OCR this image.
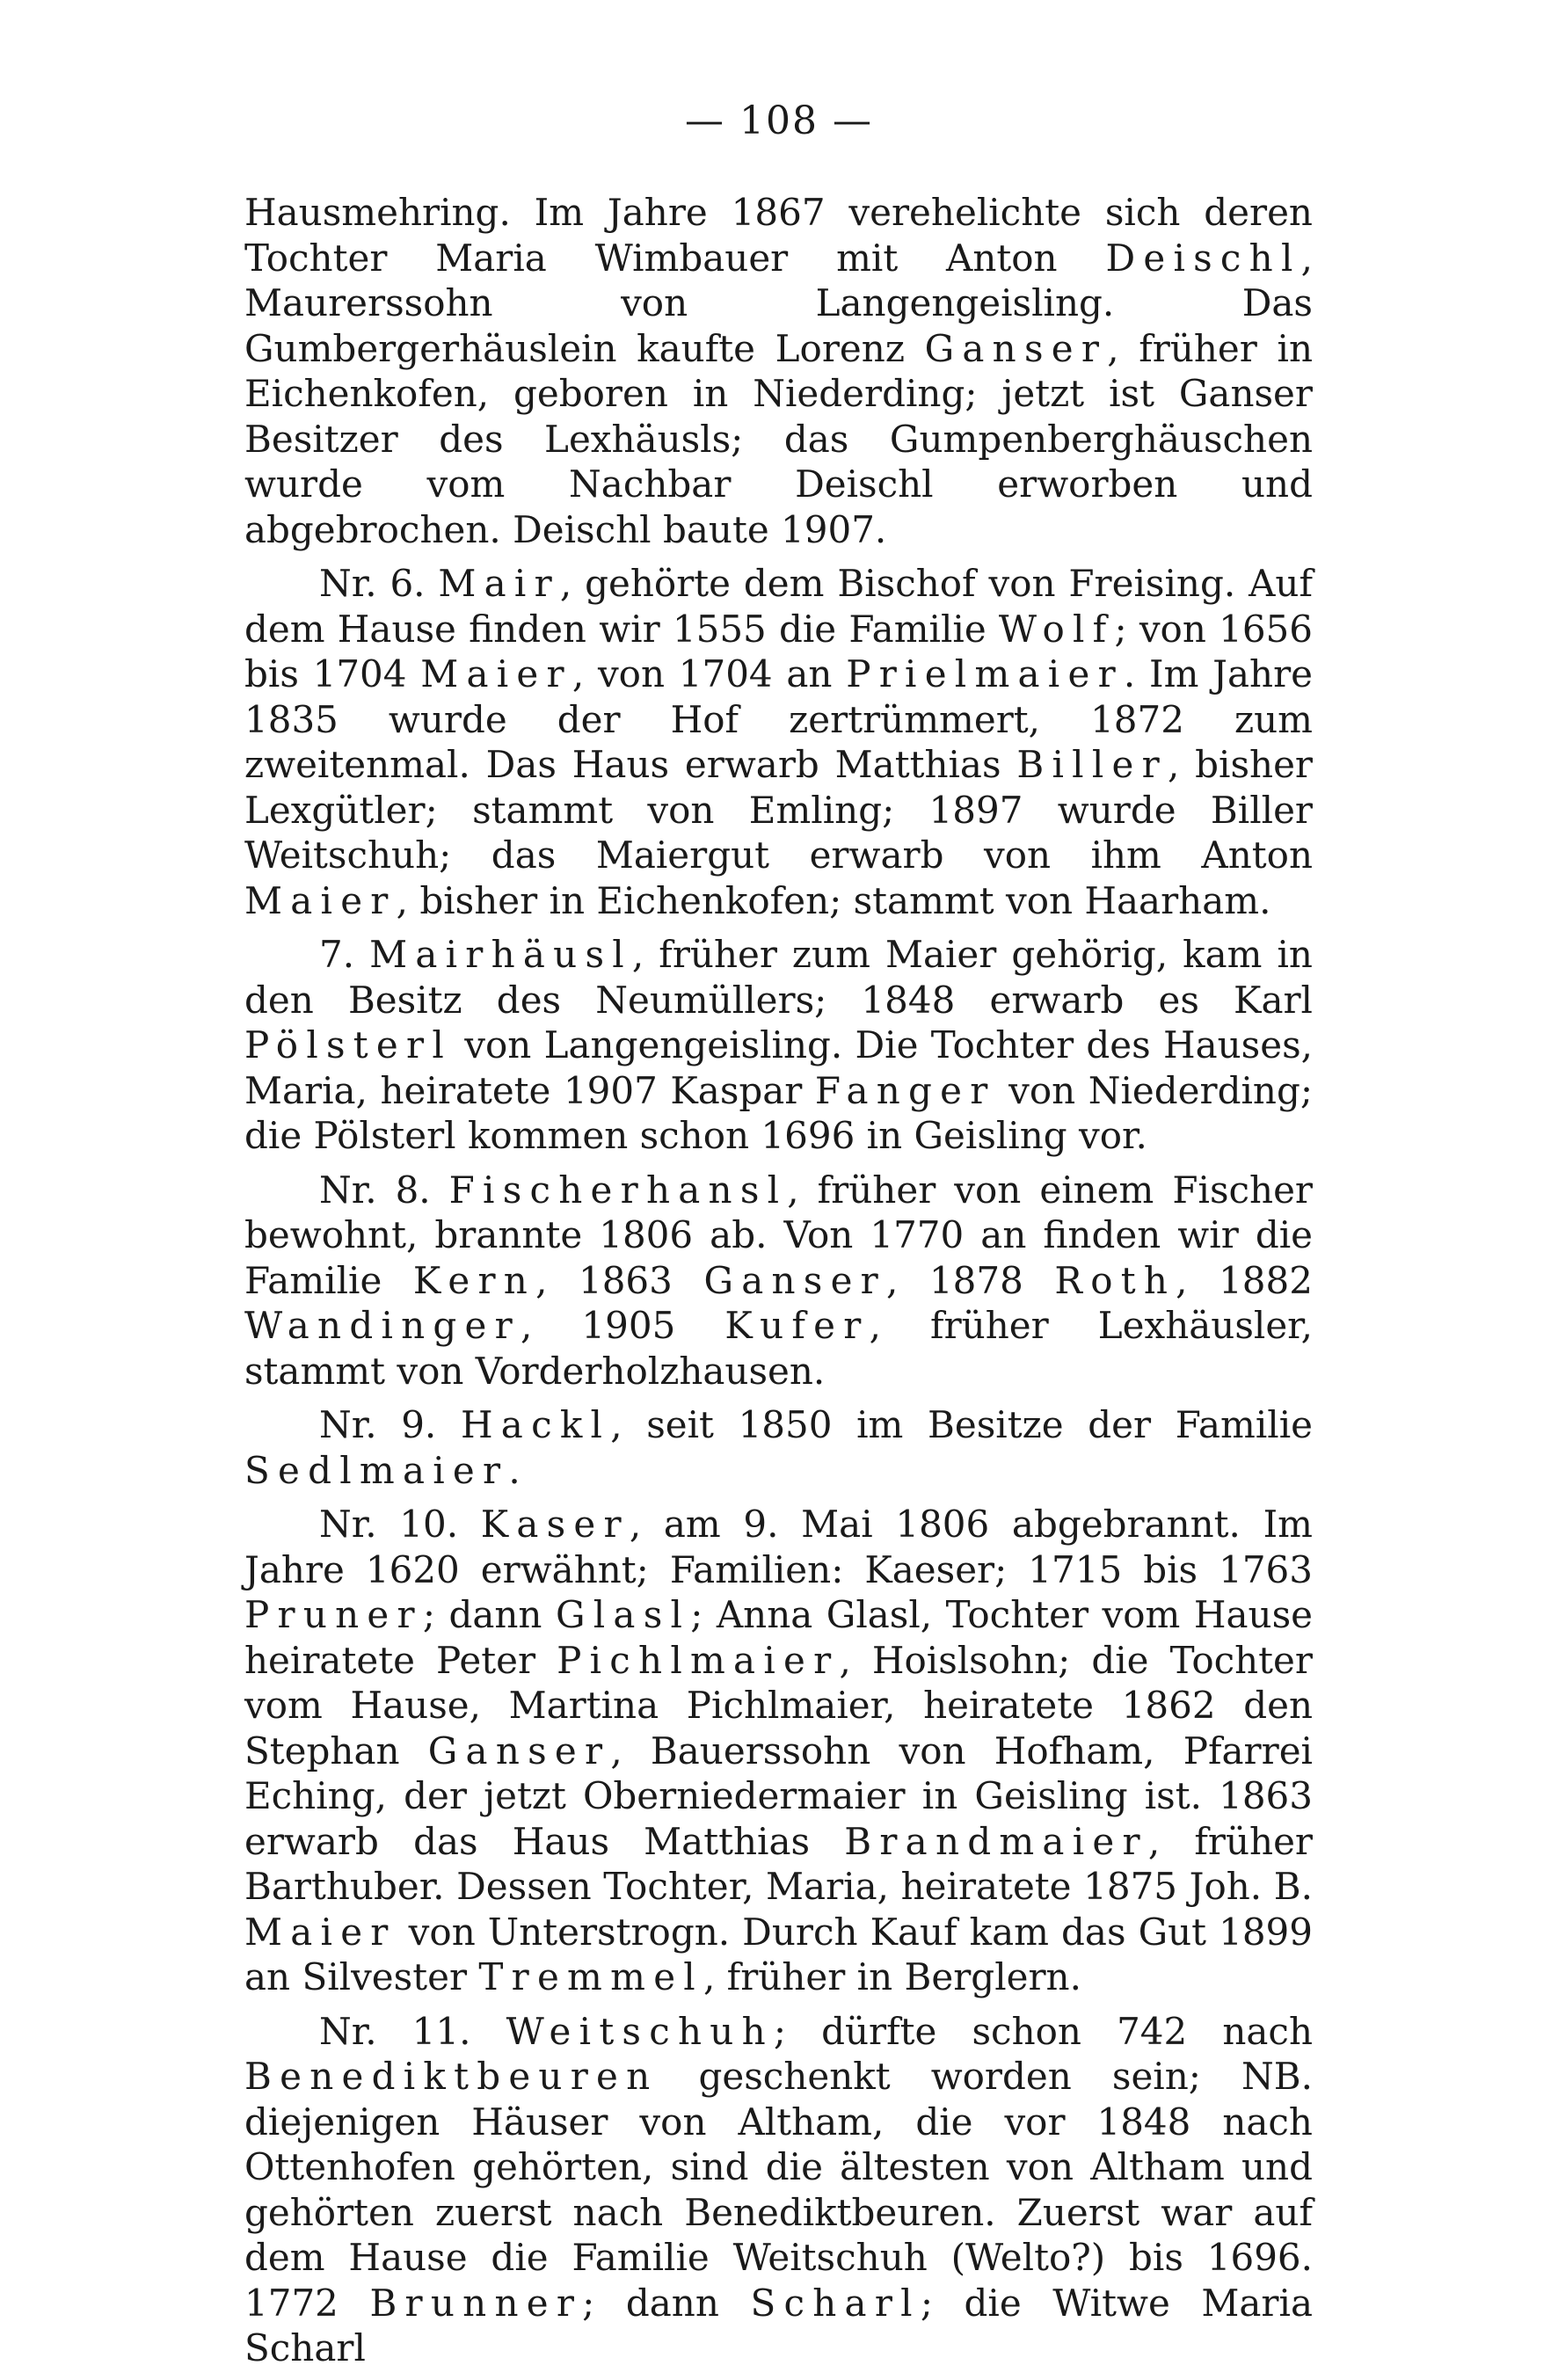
— 108 —

Hausmehring. Im Jahre 1867 verehelichte sich deren Tochter Maria Wimbauer mit Anton Deischl, Maurerssohn von Langengeisling. Das Gumbergerhäuslein kaufte Lorenz Ganser, früher in Eichenkofen, geboren in Niederding; jetzt ist Ganser Besitzer des Lexhäusls; das Gumpenberghäuschen wurde vom Nachbar Deischl erworben und abgebrochen. Deischl baute 1907.

Nr. 6. Mair, gehörte dem Bischof von Freising. Auf dem Hause finden wir 1555 die Familie Wolf; von 1656 bis 1704 Maier, von 1704 an Prielmaier. Im Jahre 1835 wurde der Hof zertrümmert, 1872 zum zweitenmal. Das Haus erwarb Matthias Biller, bisher Lexgütler; stammt von Emling; 1897 wurde Biller Weitschuh; das Maiergut erwarb von ihm Anton Maier, bisher in Eichenkofen; stammt von Haarham.

7. Mairhäusl, früher zum Maier gehörig, kam in den Besitz des Neumüllers; 1848 erwarb es Karl Pölsterl von Langengeisling. Die Tochter des Hauses, Maria, heiratete 1907 Kaspar Fanger von Niederding; die Pölsterl kommen schon 1696 in Geisling vor.

Nr. 8. Fischerhansl, früher von einem Fischer bewohnt, brannte 1806 ab. Von 1770 an finden wir die Familie Kern, 1863 Ganser, 1878 Roth, 1882 Wandinger, 1905 Kufer, früher Lexhäusler, stammt von Vorderholzhausen.

Nr. 9. Hackl, seit 1850 im Besitze der Familie Sedlmaier.

Nr. 10. Kaser, am 9. Mai 1806 abgebrannt. Im Jahre 1620 erwähnt; Familien: Kaeser; 1715 bis 1763 Pruner; dann Glasl; Anna Glasl, Tochter vom Hause heiratete Peter Pichlmaier, Hoislsohn; die Tochter vom Hause, Martina Pichlmaier, heiratete 1862 den Stephan Ganser, Bauerssohn von Hofham, Pfarrei Eching, der jetzt Oberniedermaier in Geisling ist. 1863 erwarb das Haus Matthias Brandmaier, früher Barthuber. Dessen Tochter, Maria, heiratete 1875 Joh. B. Maier von Unterstrogn. Durch Kauf kam das Gut 1899 an Silvester Tremmel, früher in Berglern.

Nr. 11. Weitschuh; dürfte schon 742 nach Benediktbeuren geschenkt worden sein; NB. diejenigen Häuser von Altham, die vor 1848 nach Ottenhofen gehörten, sind die ältesten von Altham und gehörten zuerst nach Benediktbeuren. Zuerst war auf dem Hause die Familie Weitschuh (Welto?) bis 1696. 1772 Brunner; dann Scharl; die Witwe Maria Scharl
